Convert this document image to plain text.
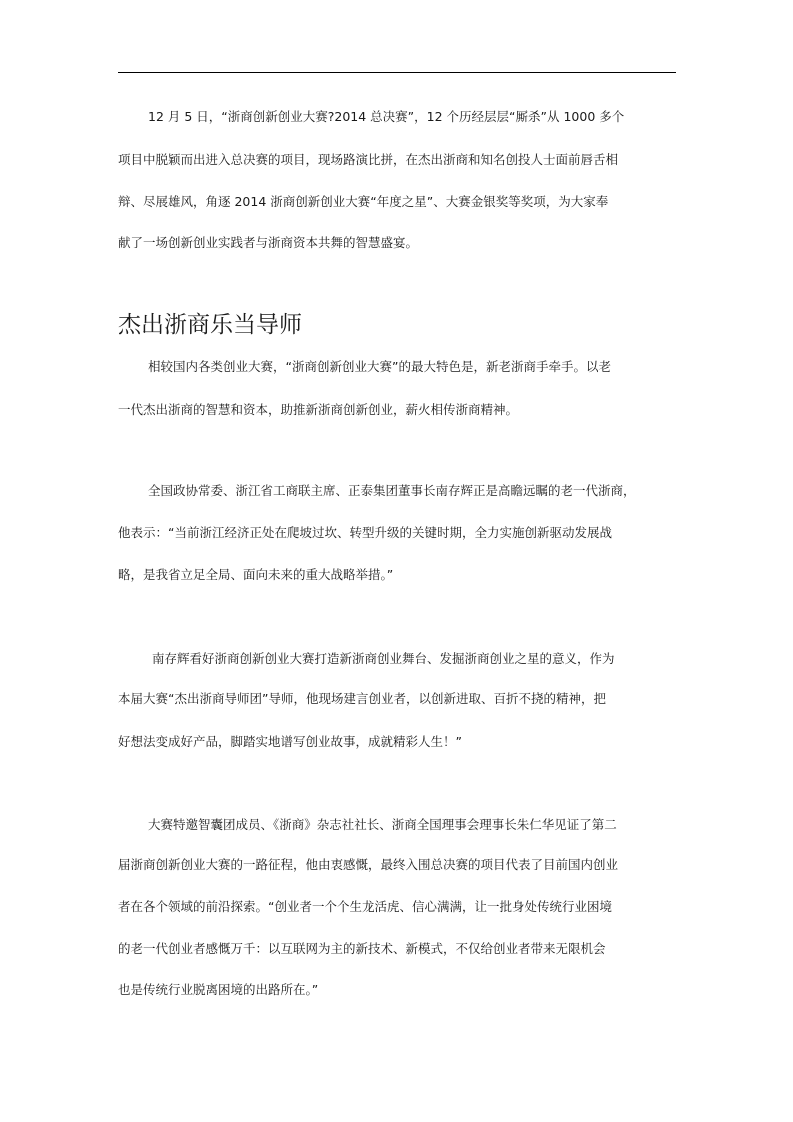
12 月 5 日，“浙商创新创业大赛?2014 总决赛”，12 个历经层层“厮杀”从 1000 多个
项目中脱颖而出进入总决赛的项目，现场路演比拼，在杰出浙商和知名创投人士面前唇舌相
辩、尽展雄风，角逐 2014 浙商创新创业大赛“年度之星”、大赛金银奖等奖项，为大家奉
献了一场创新创业实践者与浙商资本共舞的智慧盛宴。
杰出浙商乐当导师
相较国内各类创业大赛，“浙商创新创业大赛”的最大特色是，新老浙商手牵手。以老
一代杰出浙商的智慧和资本，助推新浙商创新创业，薪火相传浙商精神。
全国政协常委、浙江省工商联主席、正泰集团董事长南存辉正是高瞻远瞩的老一代浙商，
他表示：“当前浙江经济正处在爬坡过坎、转型升级的关键时期，全力实施创新驱动发展战
略，是我省立足全局、面向未来的重大战略举措。”
南存辉看好浙商创新创业大赛打造新浙商创业舞台、发掘浙商创业之星的意义，作为
本届大赛“杰出浙商导师团”导师，他现场建言创业者，以创新进取、百折不挠的精神，把
好想法变成好产品，脚踏实地谱写创业故事，成就精彩人生！”
大赛特邀智囊团成员、《浙商》杂志社社长、浙商全国理事会理事长朱仁华见证了第二
届浙商创新创业大赛的一路征程，他由衷感慨，最终入围总决赛的项目代表了目前国内创业
者在各个领域的前沿探索。“创业者一个个生龙活虎、信心满满，让一批身处传统行业困境
的老一代创业者感慨万千：以互联网为主的新技术、新模式，不仅给创业者带来无限机会
也是传统行业脱离困境的出路所在。”
